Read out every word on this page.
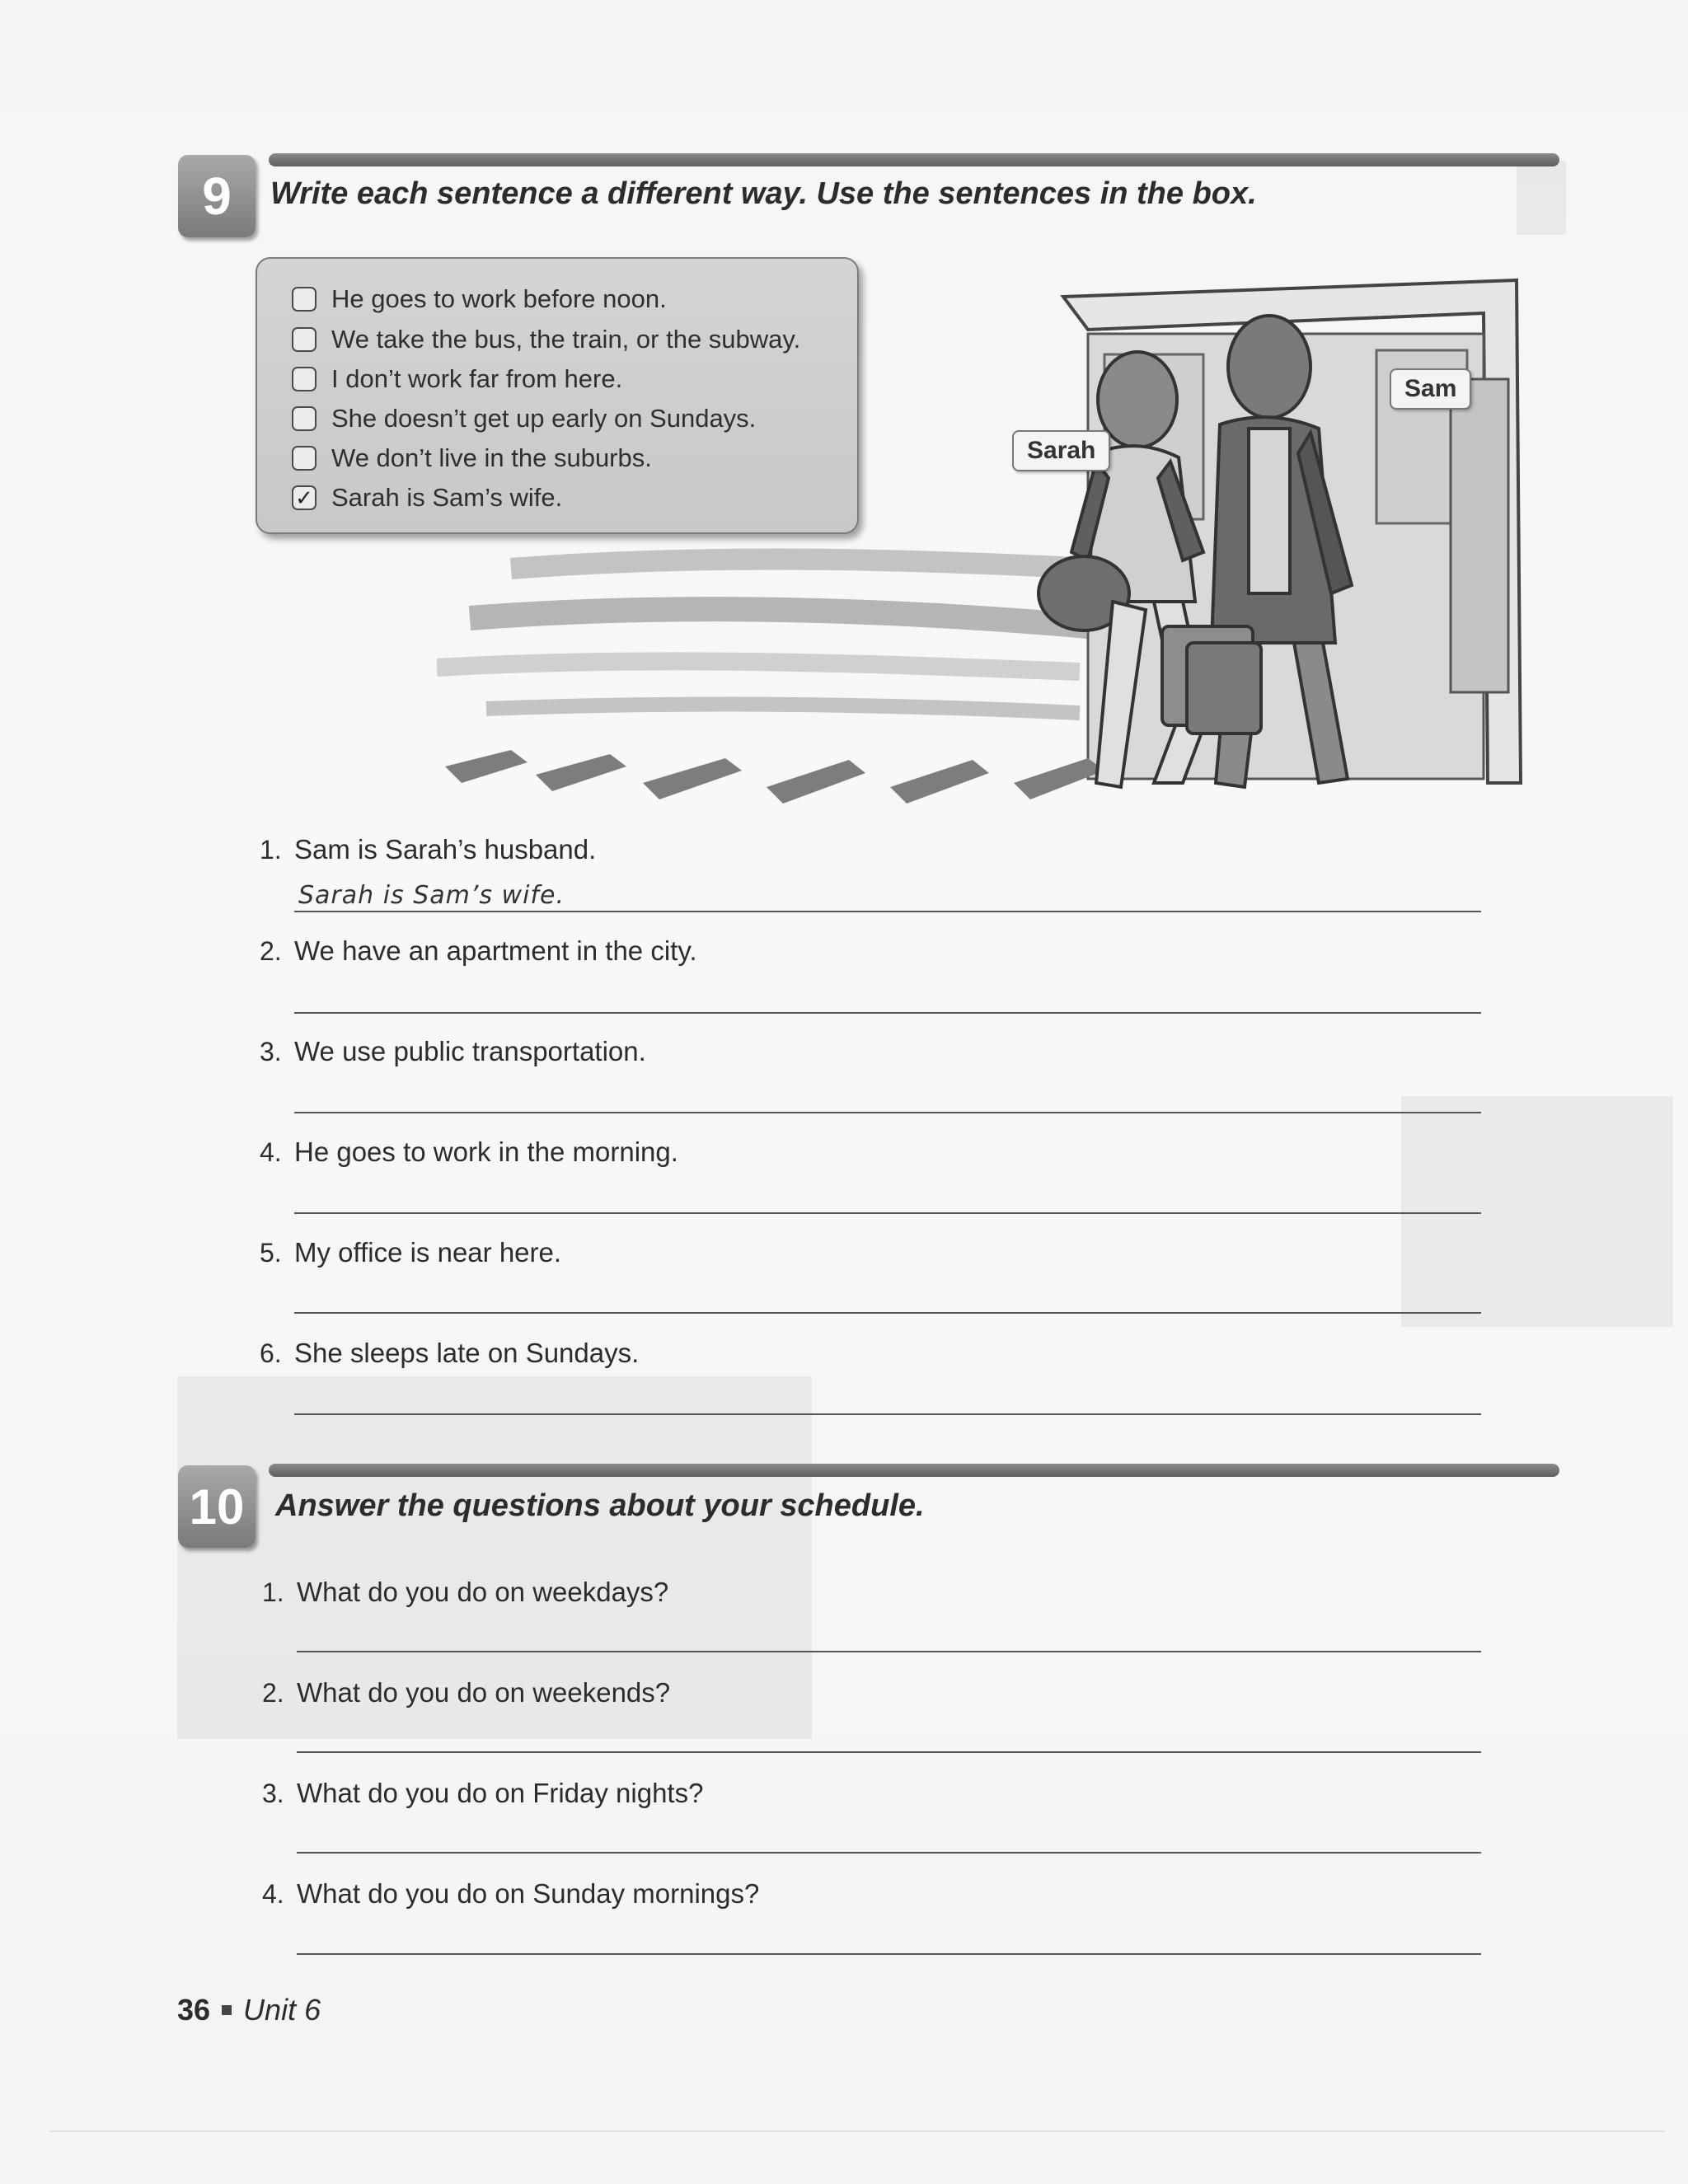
9	Write each sentence a different way. Use the sentences in the box.
He goes to work before noon.
We take the bus, the train, or the subway.
I don’t work far from here.
She doesn’t get up early on Sundays.
We don’t live in the suburbs.
✓ Sarah is Sam’s wife.
Sarah
Sam
1. Sam is Sarah’s husband.
Sarah is Sam’s wife.
2. We have an apartment in the city.
3. We use public transportation.
4. He goes to work in the morning.
5. My office is near here.
6. She sleeps late on Sundays.
10 Answer the questions about your schedule.
1. What do you do on weekdays?
2. What do you do on weekends?
3. What do you do on Friday nights?
4. What do you do on Sunday mornings?
36 Unit 6
